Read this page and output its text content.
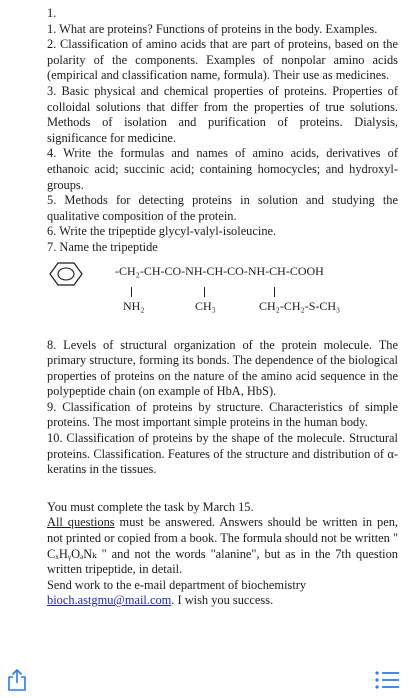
1.

1. What are proteins? Functions of proteins in the body. Examples.

2. Classification of amino acids that are part of proteins, based on the polarity of the components. Examples of nonpolar amino acids (empirical and classification name, formula). Their use as medicines.

3. Basic physical and chemical properties of proteins. Properties of colloidal solutions that differ from the properties of true solutions. Methods of isolation and purification of proteins. Dialysis, significance for medicine.

4. Write the formulas and names of amino acids, derivatives of ethanoic acid; succinic acid; containing homocycles; and hydroxyl-groups.

5. Methods for detecting proteins in solution and studying the qualitative composition of the protein.

6. Write the tripeptide glycyl-valyl-isoleucine.

7. Name the tripeptide

-CH₂-CH-CO-NH-CH-CO-NH-CH-COOH
NH₂	CH₃	CH₂-CH₂-S-CH₃

8. Levels of structural organization of the protein molecule. The primary structure, forming its bonds. The dependence of the biological properties of proteins on the nature of the amino acid sequence in the polypeptide chain (on example of HbA, HbS).

9. Classification of proteins by structure. Characteristics of simple proteins. The most important simple proteins in the human body.

10. Classification of proteins by the shape of the molecule. Structural proteins. Classification. Features of the structure and distribution of α-keratins in the tissues.

You must complete the task by March 15.

All questions must be answered. Answers should be written in pen, not printed or copied from a book. The formula should not be written " CₓHᵧOₔNₖ " and not the words "alanine", but as in the 7th question written tripeptide, in detail.

Send work to the e-mail department of biochemistry

bioch.astgmu@mail.com. I wish you success.
